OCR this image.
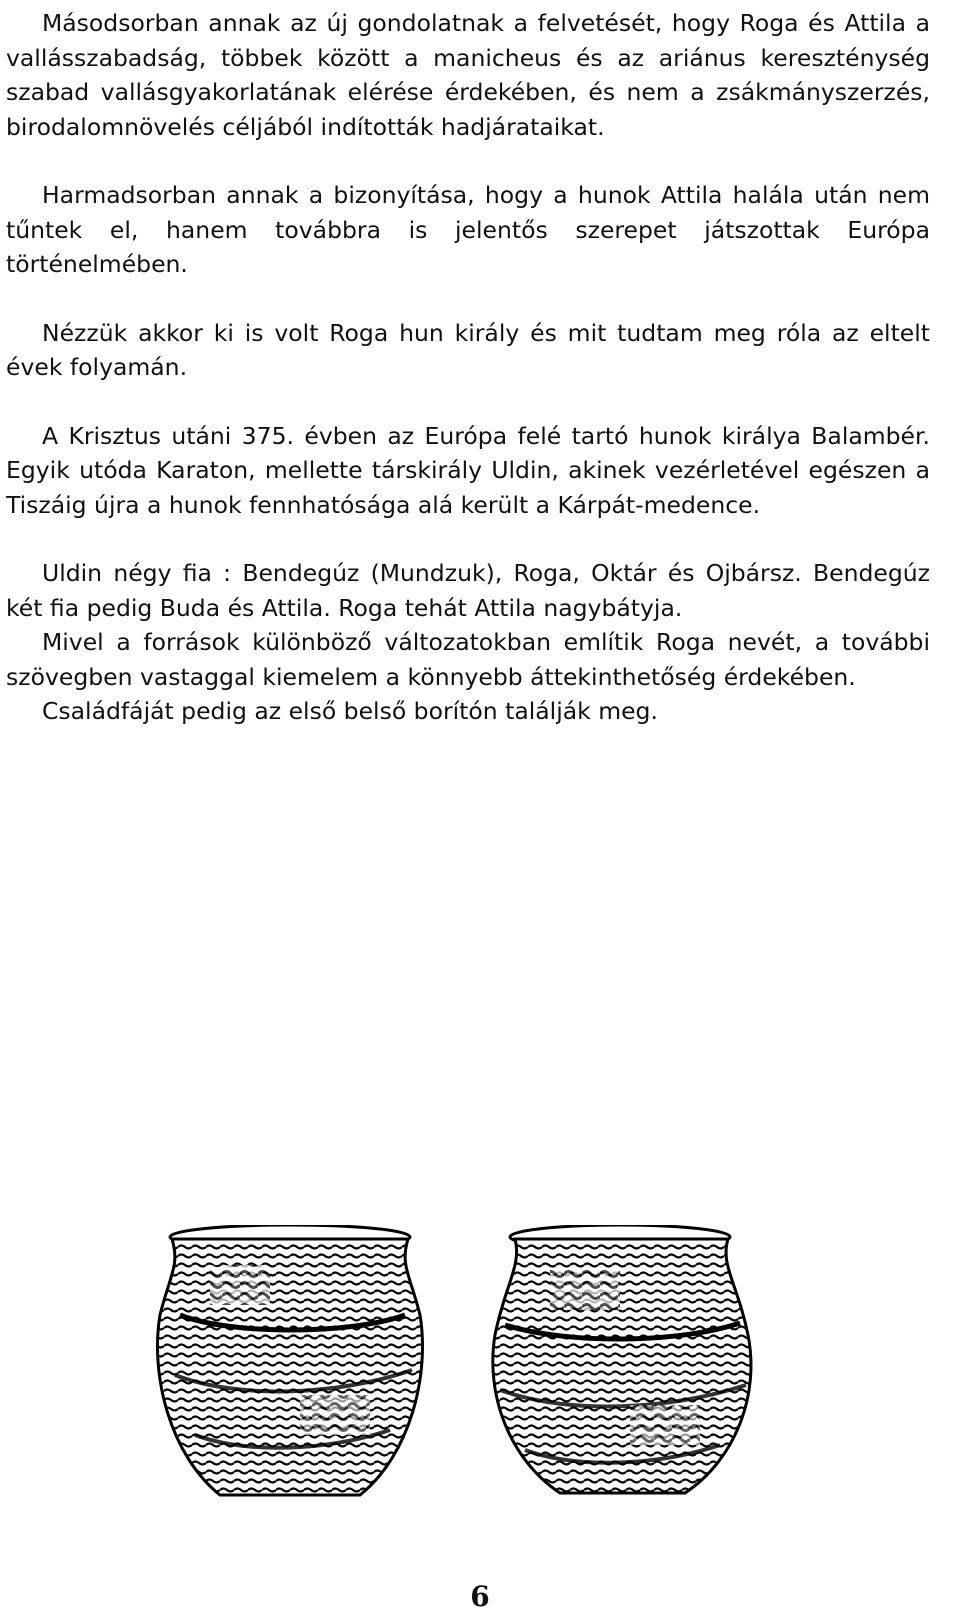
Másodsorban annak az új gondolatnak a felvetését, hogy Roga és Attila a vallásszabadság, többek között a manicheus és az ariánus kereszténység szabad vallásgyakorlatának elérése érdekében, és nem a zsákmányszerzés, birodalomnövelés céljából indították hadjárataikat.

Harmadsorban annak a bizonyítása, hogy a hunok Attila halála után nem tűntek el, hanem továbbra is jelentős szerepet játszottak Európa történelmében.

Nézzük akkor ki is volt Roga hun király és mit tudtam meg róla az eltelt évek folyamán.

A Krisztus utáni 375. évben az Európa felé tartó hunok királya Balambér. Egyik utóda Karaton, mellette társkirály Uldin, akinek vezérletével egészen a Tiszáig újra a hunok fennhatósága alá került a Kárpát-medence.

Uldin négy fia : Bendegúz (Mundzuk), Roga, Oktár és Ojbársz. Bendegúz két fia pedig Buda és Attila. Roga tehát Attila nagybátyja.

Mivel a források különböző változatokban említik Roga nevét, a további szövegben vastaggal kiemelem a könnyebb áttekinthetőség érdekében.

Családfáját pedig az első belső borítón találják meg.

6
